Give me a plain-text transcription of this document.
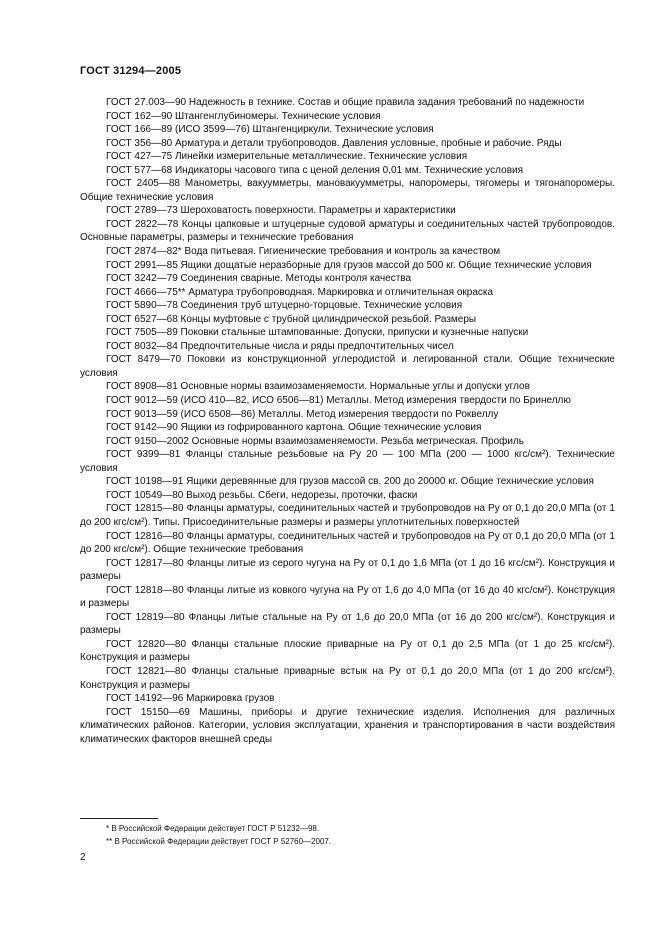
ГОСТ 31294—2005

ГОСТ 27.003—90 Надежность в технике. Состав и общие правила задания требований по надежности

ГОСТ 162—90 Штангенглубиномеры. Технические условия

ГОСТ 166—89 (ИСО 3599—76) Штангенциркули. Технические условия

ГОСТ 356—80 Арматура и детали трубопроводов. Давления условные, пробные и рабочие. Ряды

ГОСТ 427—75 Линейки измерительные металлические. Технические условия

ГОСТ 577—68 Индикаторы часового типа с ценой деления 0,01 мм. Технические условия

ГОСТ 2405—88 Манометры, вакуумметры, мановакуумметры, напоромеры, тягомеры и тягонапоромеры. Общие технические условия

ГОСТ 2789—73 Шероховатость поверхности. Параметры и характеристики

ГОСТ 2822—78 Концы цапковые и штуцерные судовой арматуры и соединительных частей трубопроводов. Основные параметры, размеры и технические требования

ГОСТ 2874—82* Вода питьевая. Гигиенические требования и контроль за качеством

ГОСТ 2991—85 Ящики дощатые неразборные для грузов массой до 500 кг. Общие технические условия

ГОСТ 3242—79 Соединения сварные. Методы контроля качества

ГОСТ 4666—75** Арматура трубопроводная. Маркировка и отличительная окраска

ГОСТ 5890—78 Соединения труб штуцерно-торцовые. Технические условия

ГОСТ 6527—68 Концы муфтовые с трубной цилиндрической резьбой. Размеры

ГОСТ 7505—89 Поковки стальные штампованные. Допуски, припуски и кузнечные напуски

ГОСТ 8032—84 Предпочтительные числа и ряды предпочтительных чисел

ГОСТ 8479—70 Поковки из конструкционной углеродистой и легированной стали. Общие технические условия

ГОСТ 8908—81 Основные нормы взаимозаменяемости. Нормальные углы и допуски углов

ГОСТ 9012—59 (ИСО 410—82, ИСО 6506—81) Металлы. Метод измерения твердости по Бринеллю

ГОСТ 9013—59 (ИСО 6508—86) Металлы. Метод измерения твердости по Роквеллу

ГОСТ 9142—90 Ящики из гофрированного картона. Общие технические условия

ГОСТ 9150—2002 Основные нормы взаимозаменяемости. Резьба метрическая. Профиль

ГОСТ 9399—81 Фланцы стальные резьбовые на Pу 20 — 100 МПа (200 — 1000 кгс/см²). Технические условия

ГОСТ 10198—91 Ящики деревянные для грузов массой св. 200 до 20000 кг. Общие технические условия

ГОСТ 10549—80 Выход резьбы. Сбеги, недорезы, проточки, фаски

ГОСТ 12815—80 Фланцы арматуры, соединительных частей и трубопроводов на Pу от 0,1 до 20,0 МПа (от 1 до 200 кгс/см²). Типы. Присоединительные размеры и размеры уплотнительных поверхностей

ГОСТ 12816—80 Фланцы арматуры, соединительных частей и трубопроводов на Pу от 0,1 до 20,0 МПа (от 1 до 200 кгс/см²). Общие технические требования

ГОСТ 12817—80 Фланцы литые из серого чугуна на Pу от 0,1 до 1,6 МПа (от 1 до 16 кгс/см²). Конструкция и размеры

ГОСТ 12818—80 Фланцы литые из ковкого чугуна на Pу от 1,6 до 4,0 МПа (от 16 до 40 кгс/см²). Конструкция и размеры

ГОСТ 12819—80 Фланцы литые стальные на Pу от 1,6 до 20,0 МПа (от 16 до 200 кгс/см²). Конструкция и размеры

ГОСТ 12820—80 Фланцы стальные плоские приварные на Pу от 0,1 до 2,5 МПа (от 1 до 25 кгс/см²). Конструкция и размеры

ГОСТ 12821—80 Фланцы стальные приварные встык на Pу от 0,1 до 20,0 МПа (от 1 до 200 кгс/см²). Конструкция и размеры

ГОСТ 14192—96 Маркировка грузов

ГОСТ 15150—69 Машины, приборы и другие технические изделия. Исполнения для различных климатических районов. Категории, условия эксплуатации, хранения и транспортирования в части воздействия климатических факторов внешней среды

* В Российской Федерации действует ГОСТ Р 51232—98.

** В Российской Федерации действует ГОСТ Р 52760—2007.

2
